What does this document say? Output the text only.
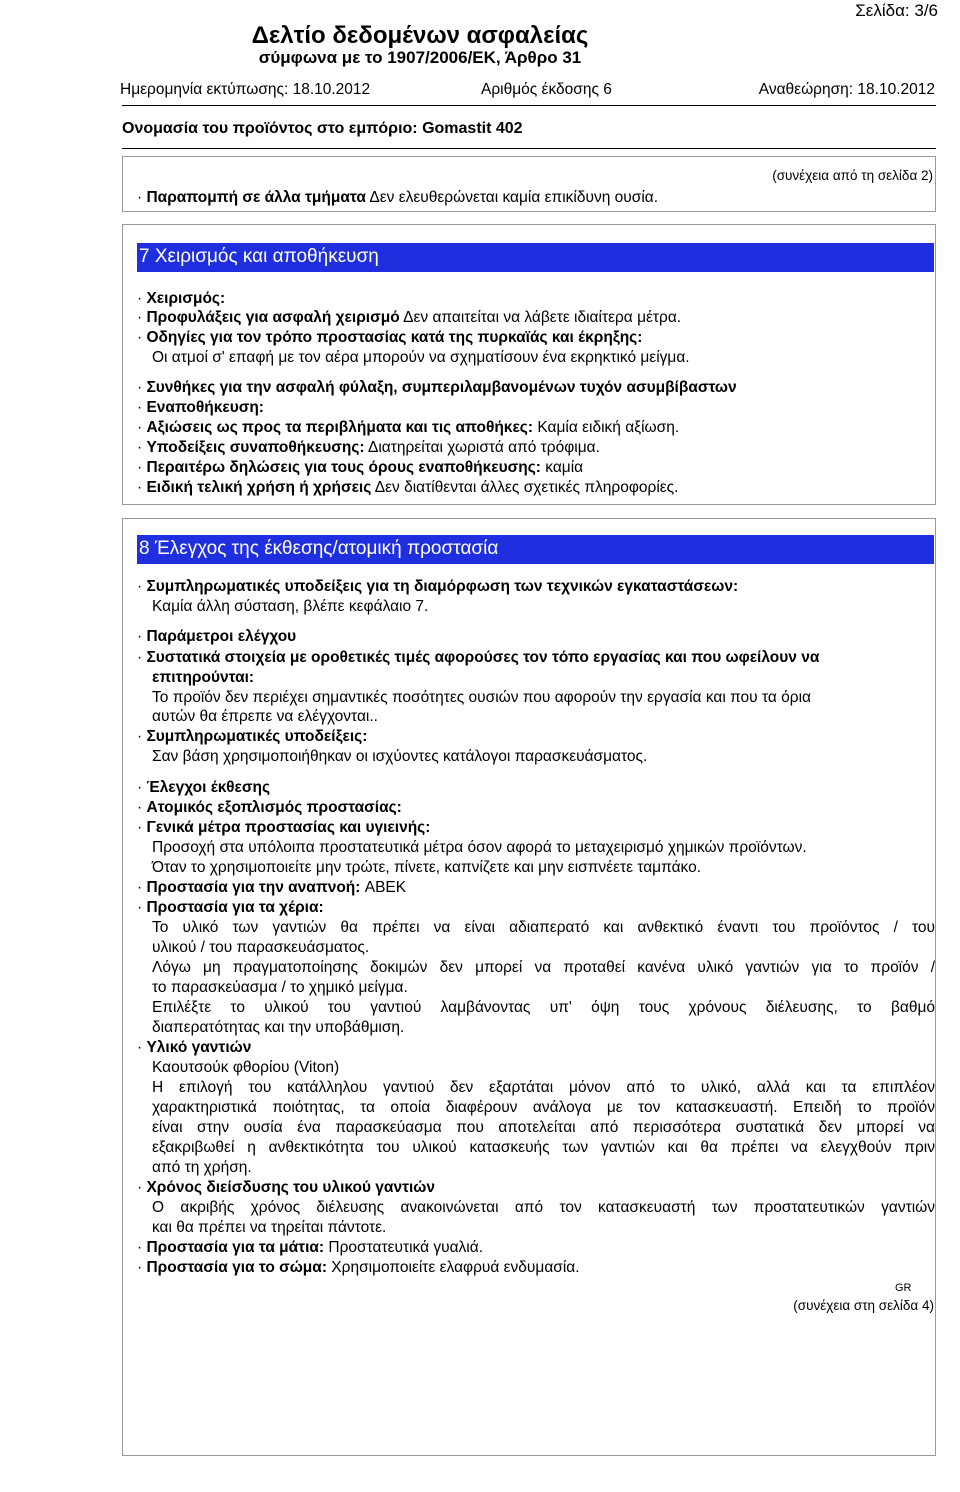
Σελίδα: 3/6
Δελτίο δεδομένων ασφαλείας
σύμφωνα με το 1907/2006/ΕΚ, Άρθρο 31
Ημερομηνία εκτύπωσης: 18.10.2012	Αριθμός έκδοσης 6	Αναθεώρηση: 18.10.2012
Ονομασία του προϊόντος στο εμπόριο: Gomastit 402
(συνέχεια από τη σελίδα 2)
· Παραπομπή σε άλλα τμήματα Δεν ελευθερώνεται καμία επικίδυνη ουσία.
7 Χειρισμός και αποθήκευση
· Χειρισμός:
· Προφυλάξεις για ασφαλή χειρισμό Δεν απαιτείται να λάβετε ιδιαίτερα μέτρα.
· Οδηγίες για τον τρόπο προστασίας κατά της πυρκαϊάς και έκρηξης:
Οι ατμοί σ' επαφή με τον αέρα μπορούν να σχηματίσουν ένα εκρηκτικό μείγμα.
· Συνθήκες για την ασφαλή φύλαξη, συμπεριλαμβανομένων τυχόν ασυμβίβαστων
· Εναποθήκευση:
· Αξιώσεις ως προς τα περιβλήματα και τις αποθήκες: Καμία ειδική αξίωση.
· Υποδείξεις συναποθήκευσης: Διατηρείται χωριστά από τρόφιμα.
· Περαιτέρω δηλώσεις για τους όρους εναποθήκευσης: καμία
· Ειδική τελική χρήση ή χρήσεις Δεν διατίθενται άλλες σχετικές πληροφορίες.
8 Έλεγχος της έκθεσης/ατομική προστασία
· Συμπληρωματικές υποδείξεις για τη διαμόρφωση των τεχνικών εγκαταστάσεων:
Καμία άλλη σύσταση, βλέπε κεφάλαιο 7.
· Παράμετροι ελέγχου
· Συστατικά στοιχεία με οροθετικές τιμές αφορούσες τον τόπο εργασίας και που ωφείλουν να
επιτηρούνται:
Το προϊόν δεν περιέχει σημαντικές ποσότητες ουσιών που αφορούν την εργασία και που τα όρια
αυτών θα έπρεπε να ελέγχονται..
· Συμπληρωματικές υποδείξεις:
Σαν βάση χρησιμοποιήθηκαν οι ισχύοντες κατάλογοι παρασκευάσματος.
· Έλεγχοι έκθεσης
· Ατομικός εξοπλισμός προστασίας:
· Γενικά μέτρα προστασίας και υγιεινής:
Προσοχή στα υπόλοιπα προστατευτικά μέτρα όσον αφορά το μεταχειρισμό χημικών προϊόντων.
Όταν το χρησιμοποιείτε μην τρώτε, πίνετε, καπνίζετε και μην εισπνέετε ταμπάκο.
· Προστασία για την αναπνοή: ABEK
· Προστασία για τα χέρια:
Το υλικό των γαντιών θα πρέπει να είναι αδιαπερατό και ανθεκτικό έναντι του προϊόντος / του
υλικού / του παρασκευάσματος.
Λόγω μη πραγματοποίησης δοκιμών δεν μπορεί να προταθεί κανένα υλικό γαντιών για το προϊόν /
το παρασκεύασμα / το χημικό μείγμα.
Επιλέξτε το υλικού του γαντιού λαμβάνοντας υπ' όψη τους χρόνους διέλευσης, το βαθμό
διαπερατότητας και την υποβάθμιση.
· Υλικό γαντιών
Καουτσούκ φθορίου (Viton)
Η επιλογή του κατάλληλου γαντιού δεν εξαρτάται μόνον από το υλικό, αλλά και τα επιπλέον
χαρακτηριστικά ποιότητας, τα οποία διαφέρουν ανάλογα με τον κατασκευαστή. Επειδή το προϊόν
είναι στην ουσία ένα παρασκεύασμα που αποτελείται από περισσότερα συστατικά δεν μπορεί να
εξακριβωθεί η ανθεκτικότητα του υλικού κατασκευής των γαντιών και θα πρέπει να ελεγχθούν πριν
από τη χρήση.
· Χρόνος διείσδυσης του υλικού γαντιών
Ο ακριβής χρόνος διέλευσης ανακοινώνεται από τον κατασκευαστή των προστατευτικών γαντιών
και θα πρέπει να τηρείται πάντοτε.
· Προστασία για τα μάτια: Προστατευτικά γυαλιά.
· Προστασία για το σώμα: Χρησιμοποιείτε ελαφρυά ενδυμασία.
GR
(συνέχεια στη σελίδα 4)
